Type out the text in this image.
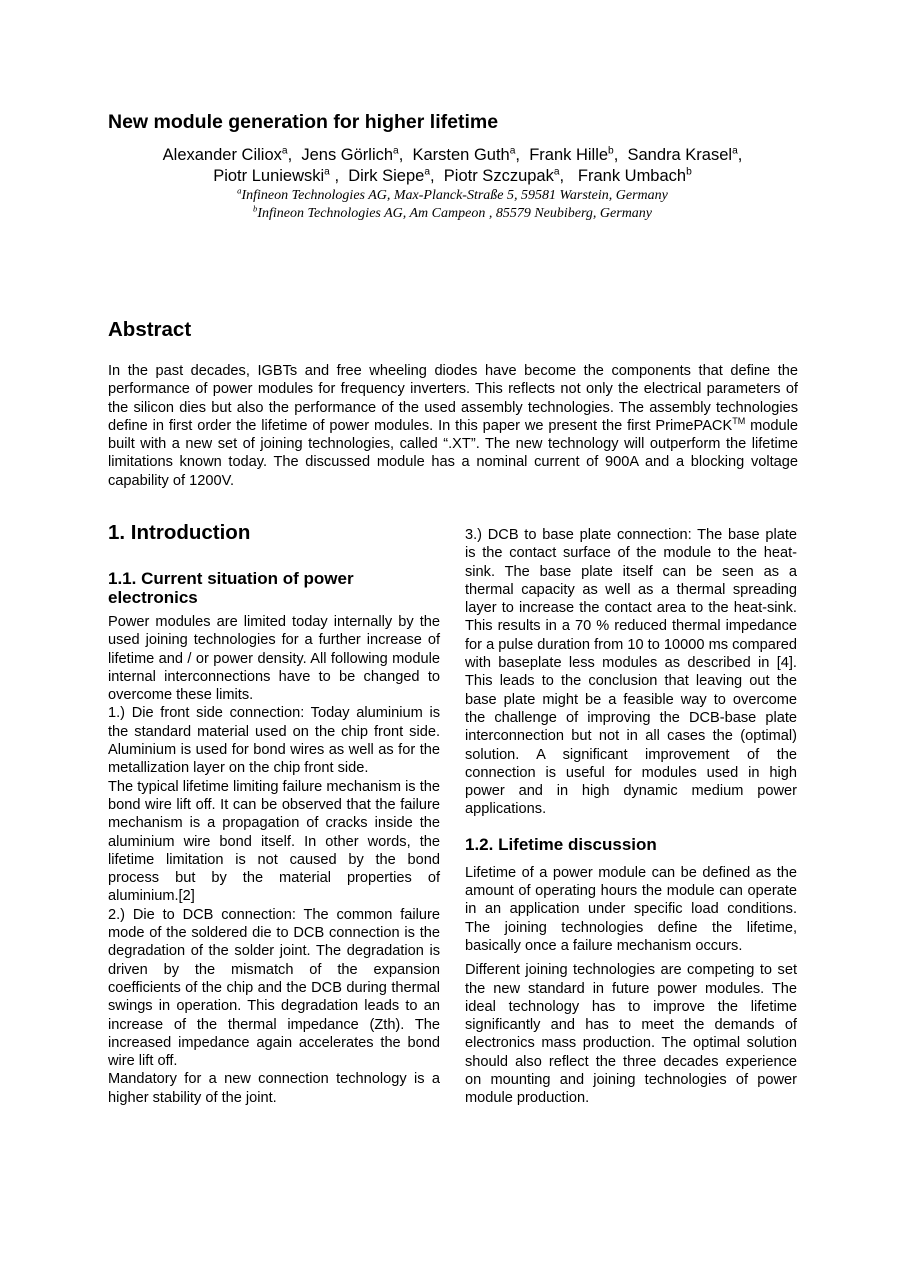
New module generation for higher lifetime
Alexander Ciliox$^a$,  Jens Görlich$^a$,  Karsten Guth$^a$,  Frank Hille$^b$,  Sandra Krasel$^a$,
Piotr Luniewski$^a$ ,  Dirk Siepe$^a$,  Piotr Szczupak$^a$,   Frank Umbach$^b$
$^a$Infineon Technologies AG, Max-Planck-Straße 5, 59581 Warstein, Germany
$^b$Infineon Technologies AG, Am Campeon , 85579 Neubiberg, Germany
Abstract

In the past decades, IGBTs and free wheeling diodes have become the components that define the performance of power modules for frequency inverters. This reflects not only the electrical parameters of the silicon dies but also the performance of the used assembly technologies. The assembly technologies define in first order the lifetime of power modules. In this paper we present the first PrimePACK™ module built with a new set of joining technologies, called “.XT”. The new technology will outperform the lifetime limitations known today. The discussed module has a nominal current of 900A and a blocking voltage capability of 1200V.

1. Introduction
1.1. Current situation of power electronics

Power modules are limited today internally by the used joining technologies for a further increase of lifetime and / or power density. All following module internal interconnections have to be changed to overcome these limits.

1.) Die front side connection: Today aluminium is the standard material used on the chip front side. Aluminium is used for bond wires as well as for the metallization layer on the chip front side.

The typical lifetime limiting failure mechanism is the bond wire lift off. It can be observed that the failure mechanism is a propagation of cracks inside the aluminium wire bond itself. In other words, the lifetime limitation is not caused by the bond process but by the material properties of aluminium.[2]

2.) Die to DCB connection: The common failure mode of the soldered die to DCB connection is the degradation of the solder joint. The degradation is driven by the mismatch of the expansion coefficients of the chip and the DCB during thermal swings in operation. This degradation leads to an increase of the thermal impedance (Zth). The increased impedance again accelerates the bond wire lift off.

Mandatory for a new connection technology is a higher stability of the joint.

3.) DCB to base plate connection: The base plate is the contact surface of the module to the heat-sink. The base plate itself can be seen as a thermal capacity as well as a thermal spreading layer to increase the contact area to the heat-sink. This results in a 70 % reduced thermal impedance for a pulse duration from 10 to 10000 ms compared with baseplate less modules as described in [4]. This leads to the conclusion that leaving out the base plate might be a feasible way to overcome the challenge of improving the DCB-base plate interconnection but not in all cases the (optimal) solution. A significant improvement of the connection is useful for modules used in high power and in high dynamic medium power applications.

1.2. Lifetime discussion

Lifetime of a power module can be defined as the amount of operating hours the module can operate in an application under specific load conditions. The joining technologies define the lifetime, basically once a failure mechanism occurs.

Different joining technologies are competing to set the new standard in future power modules. The ideal technology has to improve the lifetime significantly and has to meet the demands of electronics mass production. The optimal solution should also reflect the three decades experience on mounting and joining technologies of power module production.
